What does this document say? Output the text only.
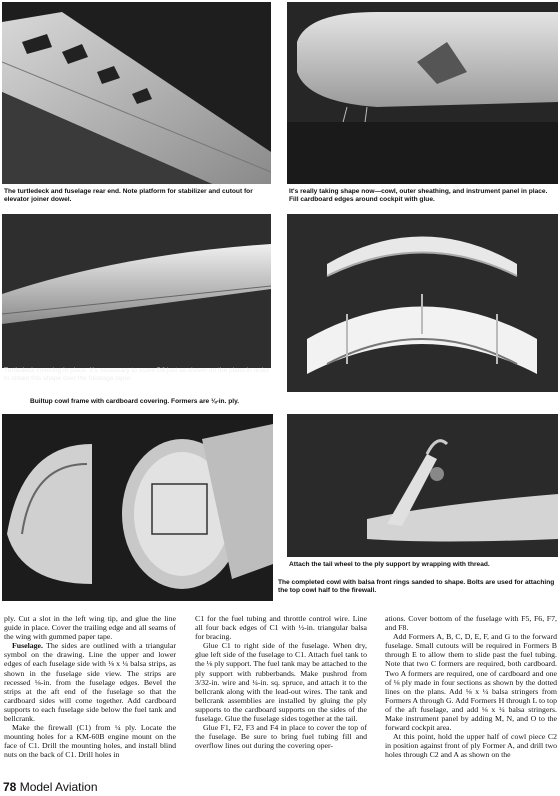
The turtledeck and fuselage rear end. Note platform for stabilizer and cutout for elevator joiner dowel.
It's really taking shape now—cowl, outer sheathing, and instrument panel in place. Fill cardboard edges around cockpit with glue.
Turtledeck covering in place. It's necessary to score D6 just as shown on the plans in order to obtain this shape over the fuselage taper.
Builtup cowl frame with cardboard covering. Formers are ⅛-in. ply.
Attach the tail wheel to the ply support by wrapping with thread.
The completed cowl with balsa front rings sanded to shape. Bolts are used for attaching the top cowl half to the firewall.

ply. Cut a slot in the left wing tip, and glue the line guide in place. Cover the trailing edge and all seams of the wing with gummed paper tape.

Fuselage. The sides are outlined with a triangular symbol on the drawing. Line the upper and lower edges of each fuselage side with ⅛ x ¼ balsa strips, as shown in the fuselage side view. The strips are recessed ⅛-in. from the fuselage edges. Bevel the strips at the aft end of the fuselage so that the cardboard sides will come together. Add cardboard supports to each fuselage side below the fuel tank and bellcrank.

Make the firewall (C1) from ¼ ply. Locate the mounting holes for a KM-60B engine mount on the face of C1. Drill the mounting holes, and install blind nuts on the back of C1. Drill holes in

C1 for the fuel tubing and throttle control wire. Line all four back edges of C1 with ½-in. triangular balsa for bracing.

Glue C1 to right side of the fuselage. When dry, glue left side of the fuselage to C1. Attach fuel tank to the ⅛ ply support. The fuel tank may be attached to the ply support with rubberbands. Make pushrod from 3/32-in. wire and ¼-in. sq. spruce, and attach it to the bellcrank along with the lead-out wires. The tank and bellcrank assemblies are installed by gluing the ply supports to the cardboard supports on the sides of the fuselage. Glue the fuselage sides together at the tail.

Glue F1, F2, F3 and F4 in place to cover the top of the fuselage. Be sure to bring fuel tubing fill and overflow lines out during the covering oper-

ations. Cover bottom of the fuselage with F5, F6, F7, and F8.

Add Formers A, B, C, D, E, F, and G to the forward fuselage. Small cutouts will be required in Formers B through E to allow them to slide past the fuel tubing. Note that two C formers are required, both cardboard. Two A formers are required, one of cardboard and one of ⅛ ply made in four sections as shown by the dotted lines on the plans. Add ⅛ x ¼ balsa stringers from Formers A through G. Add Formers H through L to top of the aft fuselage, and add ⅛ x ¼ balsa stringers. Make instrument panel by adding M, N, and O to the forward cockpit area.

At this point, hold the upper half of cowl piece C2 in position against front of ply Former A, and drill two holes through C2 and A as shown on the

78 Model Aviation
